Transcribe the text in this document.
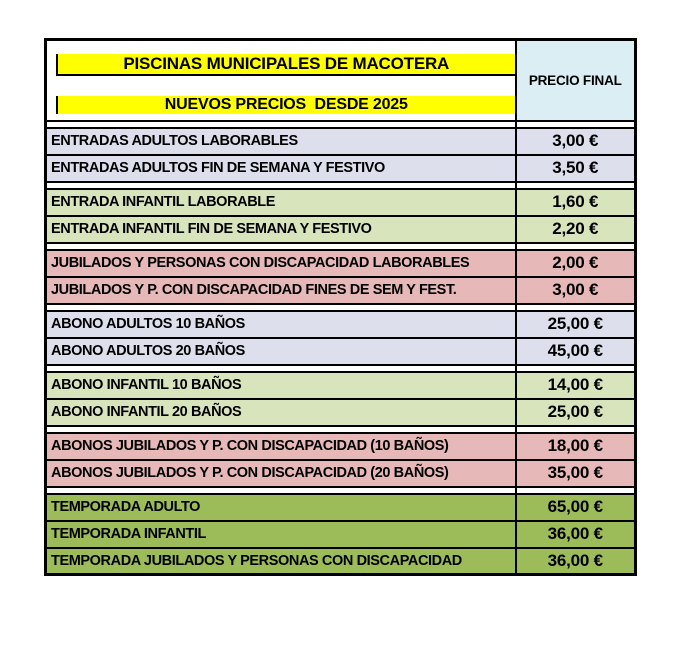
PISCINAS MUNICIPALES DE MACOTERA	PRECIO FINAL

NUEVOS PRECIOS  DESDE 2025	

ENTRADAS ADULTOS LABORABLES	3,00 €
ENTRADAS ADULTOS FIN DE SEMANA Y FESTIVO	3,50 €

ENTRADA INFANTIL LABORABLE	1,60 €
ENTRADA INFANTIL FIN DE SEMANA Y FESTIVO	2,20 €

JUBILADOS Y PERSONAS CON DISCAPACIDAD LABORABLES	2,00 €
JUBILADOS Y P. CON DISCAPACIDAD FINES DE SEM Y FEST.	3,00 €

ABONO ADULTOS 10 BAÑOS	25,00 €
ABONO ADULTOS 20 BAÑOS	45,00 €

ABONO INFANTIL 10 BAÑOS	14,00 €
ABONO INFANTIL 20 BAÑOS	25,00 €

ABONOS JUBILADOS Y P. CON DISCAPACIDAD (10 BAÑOS)	18,00 €
ABONOS JUBILADOS Y P. CON DISCAPACIDAD (20 BAÑOS)	35,00 €

TEMPORADA ADULTO	65,00 €
TEMPORADA INFANTIL	36,00 €
TEMPORADA JUBILADOS Y PERSONAS CON DISCAPACIDAD	36,00 €
